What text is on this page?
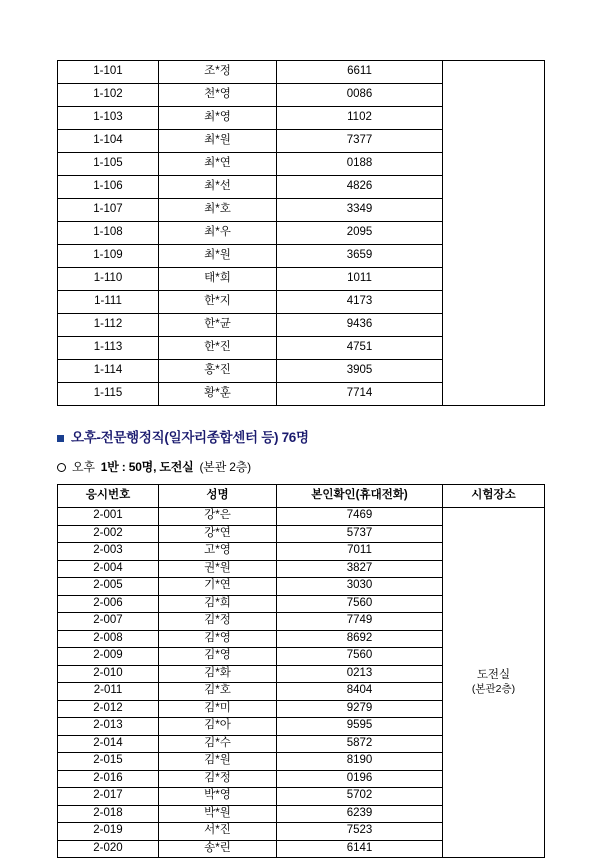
1-101	조*정	6611	
1-102	천*영	0086	
1-103	최*영	1102	
1-104	최*원	7377	
1-105	최*연	0188	
1-106	최*선	4826	
1-107	최*호	3349	
1-108	최*우	2095	
1-109	최*원	3659	
1-110	태*희	1011	
1-111	한*지	4173	
1-112	한*균	9436	
1-113	한*진	4751	
1-114	홍*진	3905	
1-115	황*훈	7714	
오후-전문행정직(일자리종합센터 등) 76명
오후 1반 : 50명, 도전실 (본관 2층)
응시번호	성명	본인확인(휴대전화)	시험장소
2-001	강*은	7469	도전실
(본관2층)

2-002	강*연	5737	
2-003	고*영	7011	
2-004	권*원	3827	
2-005	기*연	3030	
2-006	김*희	7560	
2-007	김*정	7749	
2-008	김*영	8692	
2-009	김*영	7560	
2-010	김*화	0213	
2-011	김*호	8404	
2-012	김*미	9279	
2-013	김*아	9595	
2-014	김*수	5872	
2-015	김*원	8190	
2-016	김*정	0196	
2-017	박*영	5702	
2-018	박*원	6239	
2-019	서*진	7523	
2-020	송*린	6141	
